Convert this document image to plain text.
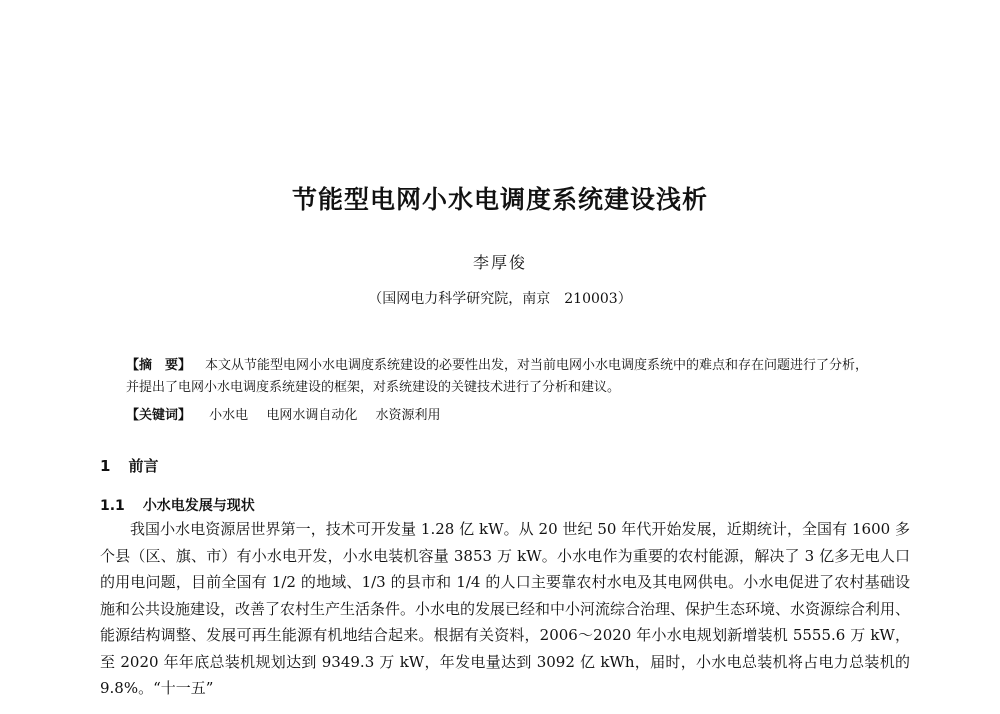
节能型电网小水电调度系统建设浅析
李厚俊
（国网电力科学研究院，南京　210003）
【摘　要】 本文从节能型电网小水电调度系统建设的必要性出发，对当前电网小水电调度系统中的难点和存在问题进行了分析，并提出了电网小水电调度系统建设的框架，对系统建设的关键技术进行了分析和建议。
【关键词】 小水电 电网水调自动化 水资源利用
1 前言
1.1 小水电发展与现状

我国小水电资源居世界第一，技术可开发量 1.28 亿 kW。从 20 世纪 50 年代开始发展，近期统计，全国有 1600 多个县（区、旗、市）有小水电开发，小水电装机容量 3853 万 kW。小水电作为重要的农村能源，解决了 3 亿多无电人口的用电问题，目前全国有 1/2 的地域、1/3 的县市和 1/4 的人口主要靠农村水电及其电网供电。小水电促进了农村基础设施和公共设施建设，改善了农村生产生活条件。小水电的发展已经和中小河流综合治理、保护生态环境、水资源综合利用、能源结构调整、发展可再生能源有机地结合起来。根据有关资料，2006～2020 年小水电规划新增装机 5555.6 万 kW，至 2020 年年底总装机规划达到 9349.3 万 kW，年发电量达到 3092 亿 kWh，届时，小水电总装机将占电力总装机的 9.8%。“十一五”
